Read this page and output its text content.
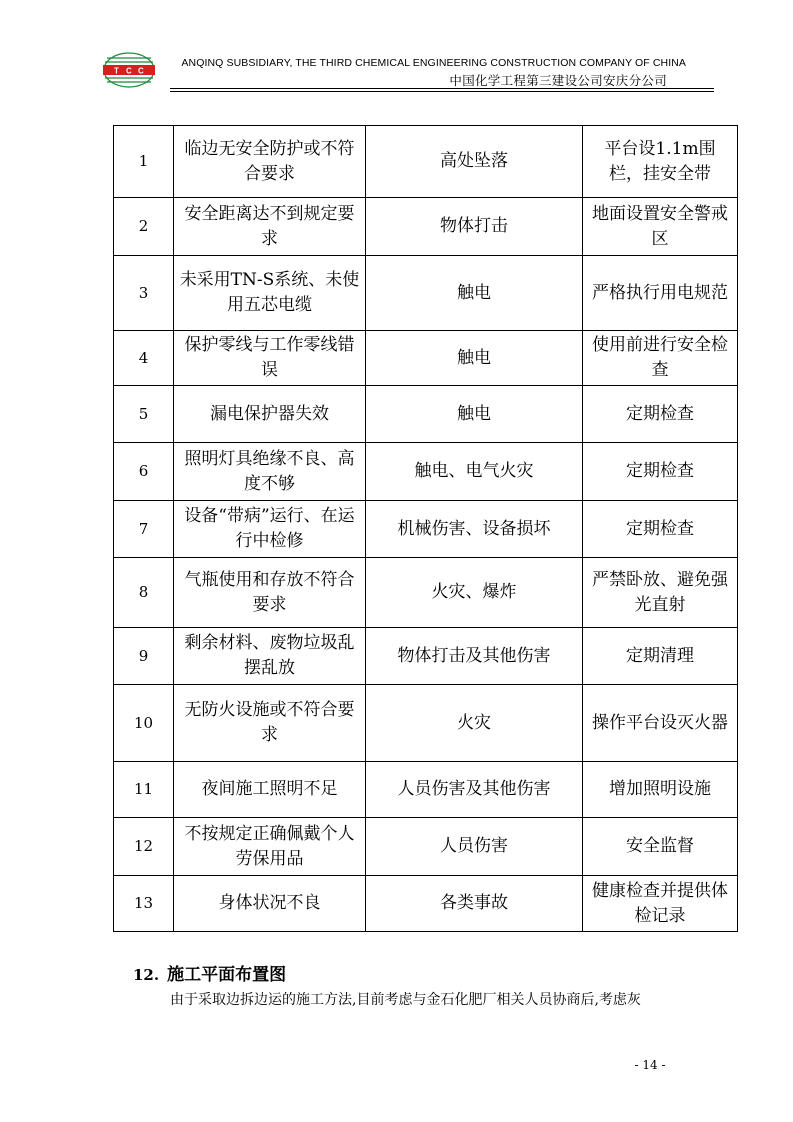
T C C
ANQINQ SUBSIDIARY, THE THIRD CHEMICAL ENGINEERING CONSTRUCTION COMPANY OF CHINA
中国化学工程第三建设公司安庆分公司
1	临边无安全防护或不符合要求	高处坠落	平台设1.1m围栏，挂安全带
2	安全距离达不到规定要求	物体打击	地面设置安全警戒区
3	未采用TN-S系统、未使用五芯电缆	触电	严格执行用电规范
4	保护零线与工作零线错误	触电	使用前进行安全检查
5	漏电保护器失效	触电	定期检查
6	照明灯具绝缘不良、高度不够	触电、电气火灾	定期检查
7	设备“带病”运行、在运行中检修	机械伤害、设备损坏	定期检查
8	气瓶使用和存放不符合要求	火灾、爆炸	严禁卧放、避免强光直射
9	剩余材料、废物垃圾乱摆乱放	物体打击及其他伤害	定期清理
10	无防火设施或不符合要求	火灾	操作平台设灭火器
11	夜间施工照明不足	人员伤害及其他伤害	增加照明设施
12	不按规定正确佩戴个人劳保用品	人员伤害	安全监督
13	身体状况不良	各类事故	健康检查并提供体检记录
12. 施工平面布置图
由于采取边拆边运的施工方法,目前考虑与金石化肥厂相关人员协商后,考虑灰
- 14 -
